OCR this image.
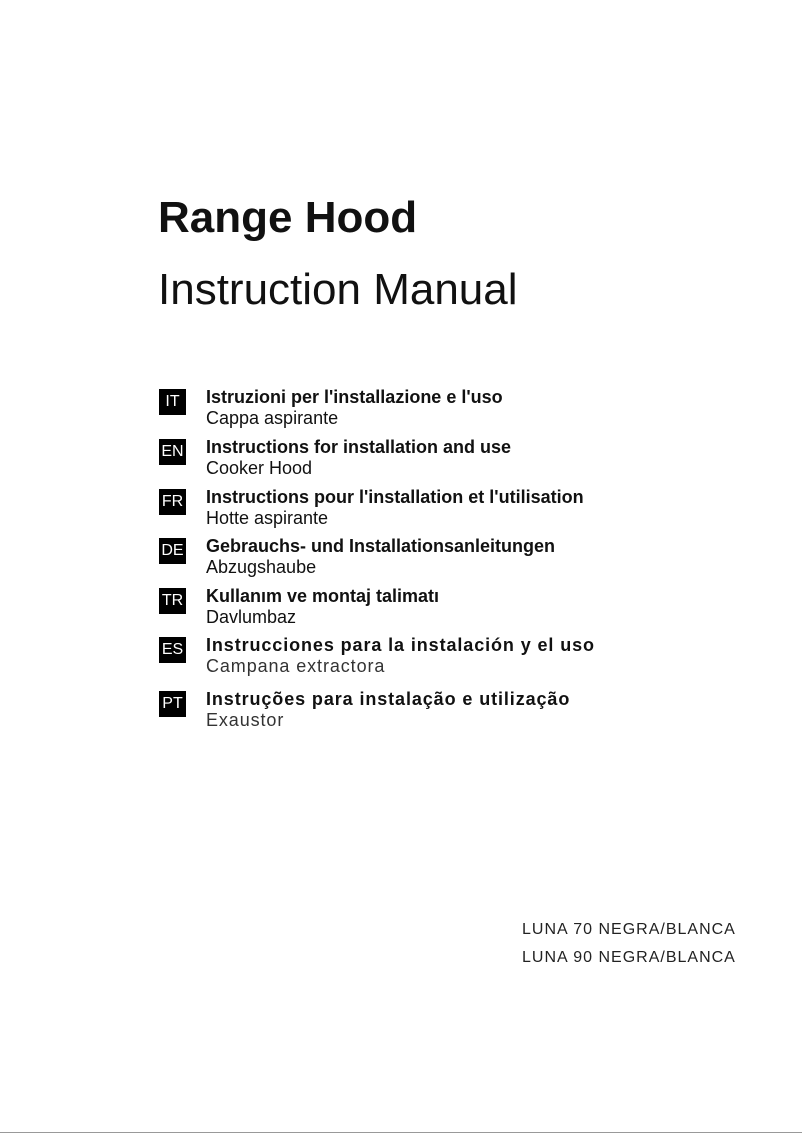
Range Hood
Instruction Manual
IT	Istruzioni per l'installazione e l'uso
Cappa aspirante
EN Instructions for installation and use
Cooker Hood
FR Instructions pour l'installation et l'utilisation
Hotte aspirante
DE Gebrauchs- und Installationsanleitungen
Abzugshaube
TR Kullanım ve montaj talimatı
Davlumbaz
ES Instrucciones para la instalación y el uso
Campana extractora
PT Instruções para instalação e utilização
Exaustor
LUNA 70 NEGRA/BLANCA
LUNA 90 NEGRA/BLANCA
